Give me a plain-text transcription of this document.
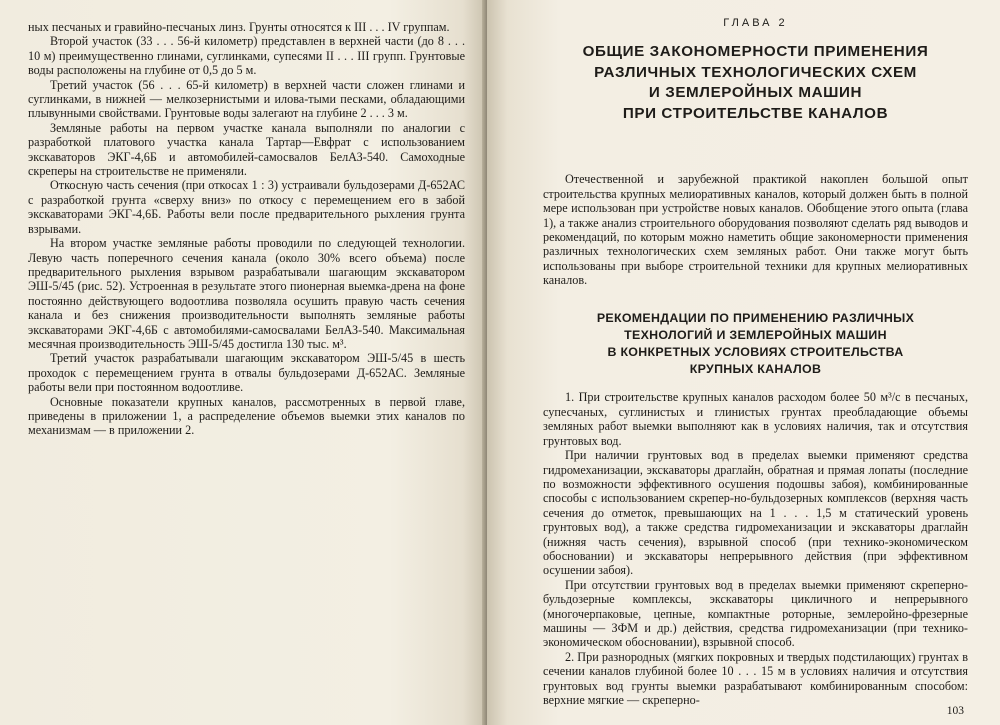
ных песчаных и гравийно-песчаных линз. Грунты относятся к III . . . IV группам.

Второй участок (33 . . . 56-й километр) представлен в верхней части (до 8 . . . 10 м) преимущественно глинами, суглинками, супесями II . . . III групп. Грунтовые воды расположены на глубине от 0,5 до 5 м.

Третий участок (56 . . . 65-й километр) в верхней части сложен глинами и суглинками, в нижней — мелкозернистыми и илова-тыми песками, обладающими плывунными свойствами. Грунтовые воды залегают на глубине 2 . . . 3 м.

Земляные работы на первом участке канала выполняли по аналогии с разработкой платового участка канала Тартар—Евфрат с использованием экскаваторов ЭКГ-4,6Б и автомобилей-самосвалов БелАЗ-540. Самоходные скреперы на строительстве не применяли.

Откосную часть сечения (при откосах 1 : 3) устраивали бульдозерами Д-652АС с разработкой грунта «сверху вниз» по откосу с перемещением его в забой экскаваторами ЭКГ-4,6Б. Работы вели после предварительного рыхления грунта взрывами.

На втором участке земляные работы проводили по следующей технологии. Левую часть поперечного сечения канала (около 30% всего объема) после предварительного рыхления взрывом разрабатывали шагающим экскаватором ЭШ-5/45 (рис. 52). Устроенная в результате этого пионерная выемка-дрена на фоне постоянно действующего водоотлива позволяла осушить правую часть сечения канала и без снижения производительности выполнять земляные работы экскаваторами ЭКГ-4,6Б с автомобилями-самосвалами БелАЗ-540. Максимальная месячная производительность ЭШ-5/45 достигла 130 тыс. м³.

Третий участок разрабатывали шагающим экскаватором ЭШ-5/45 в шесть проходок с перемещением грунта в отвалы бульдозерами Д-652АС. Земляные работы вели при постоянном водоотливе.

Основные показатели крупных каналов, рассмотренных в первой главе, приведены в приложении 1, а распределение объемов выемки этих каналов по механизмам — в приложении 2.

ГЛАВА 2

ОБЩИЕ ЗАКОНОМЕРНОСТИ ПРИМЕНЕНИЯ
РАЗЛИЧНЫХ ТЕХНОЛОГИЧЕСКИХ СХЕМ
И ЗЕМЛЕРОЙНЫХ МАШИН
ПРИ СТРОИТЕЛЬСТВЕ КАНАЛОВ

Отечественной и зарубежной практикой накоплен большой опыт строительства крупных мелиоративных каналов, который должен быть в полной мере использован при устройстве новых каналов. Обобщение этого опыта (глава 1), а также анализ строительного оборудования позволяют сделать ряд выводов и рекомендаций, по которым можно наметить общие закономерности применения различных технологических схем земляных работ. Они также могут быть использованы при выборе строительной техники для крупных мелиоративных каналов.

РЕКОМЕНДАЦИИ ПО ПРИМЕНЕНИЮ РАЗЛИЧНЫХ
ТЕХНОЛОГИЙ И ЗЕМЛЕРОЙНЫХ МАШИН
В КОНКРЕТНЫХ УСЛОВИЯХ СТРОИТЕЛЬСТВА
КРУПНЫХ КАНАЛОВ

1. При строительстве крупных каналов расходом более 50 м³/с в песчаных, супесчаных, суглинистых и глинистых грунтах преобладающие объемы земляных работ выемки выполняют как в условиях наличия, так и отсутствия грунтовых вод.

При наличии грунтовых вод в пределах выемки применяют средства гидромеханизации, экскаваторы драглайн, обратная и прямая лопаты (последние по возможности эффективного осушения подошвы забоя), комбинированные способы с использованием скрепер-но-бульдозерных комплексов (верхняя часть сечения до отметок, превышающих на 1 . . . 1,5 м статический уровень грунтовых вод), а также средства гидромеханизации и экскаваторы драглайн (нижняя часть сечения), взрывной способ (при технико-экономическом обосновании) и экскаваторы непрерывного действия (при эффективном осушении забоя).

При отсутствии грунтовых вод в пределах выемки применяют скреперно-бульдозерные комплексы, экскаваторы цикличного и непрерывного (многочерпаковые, цепные, компактные роторные, землеройно-фрезерные машины — ЗФМ и др.) действия, средства гидромеханизации (при технико-экономическом обосновании), взрывной способ.

2. При разнородных (мягких покровных и твердых подстилающих) грунтах в сечении каналов глубиной более 10 . . . 15 м в условиях наличия и отсутствия грунтовых вод грунты выемки разрабатывают комбинированным способом: верхние мягкие — скреперно-

103
